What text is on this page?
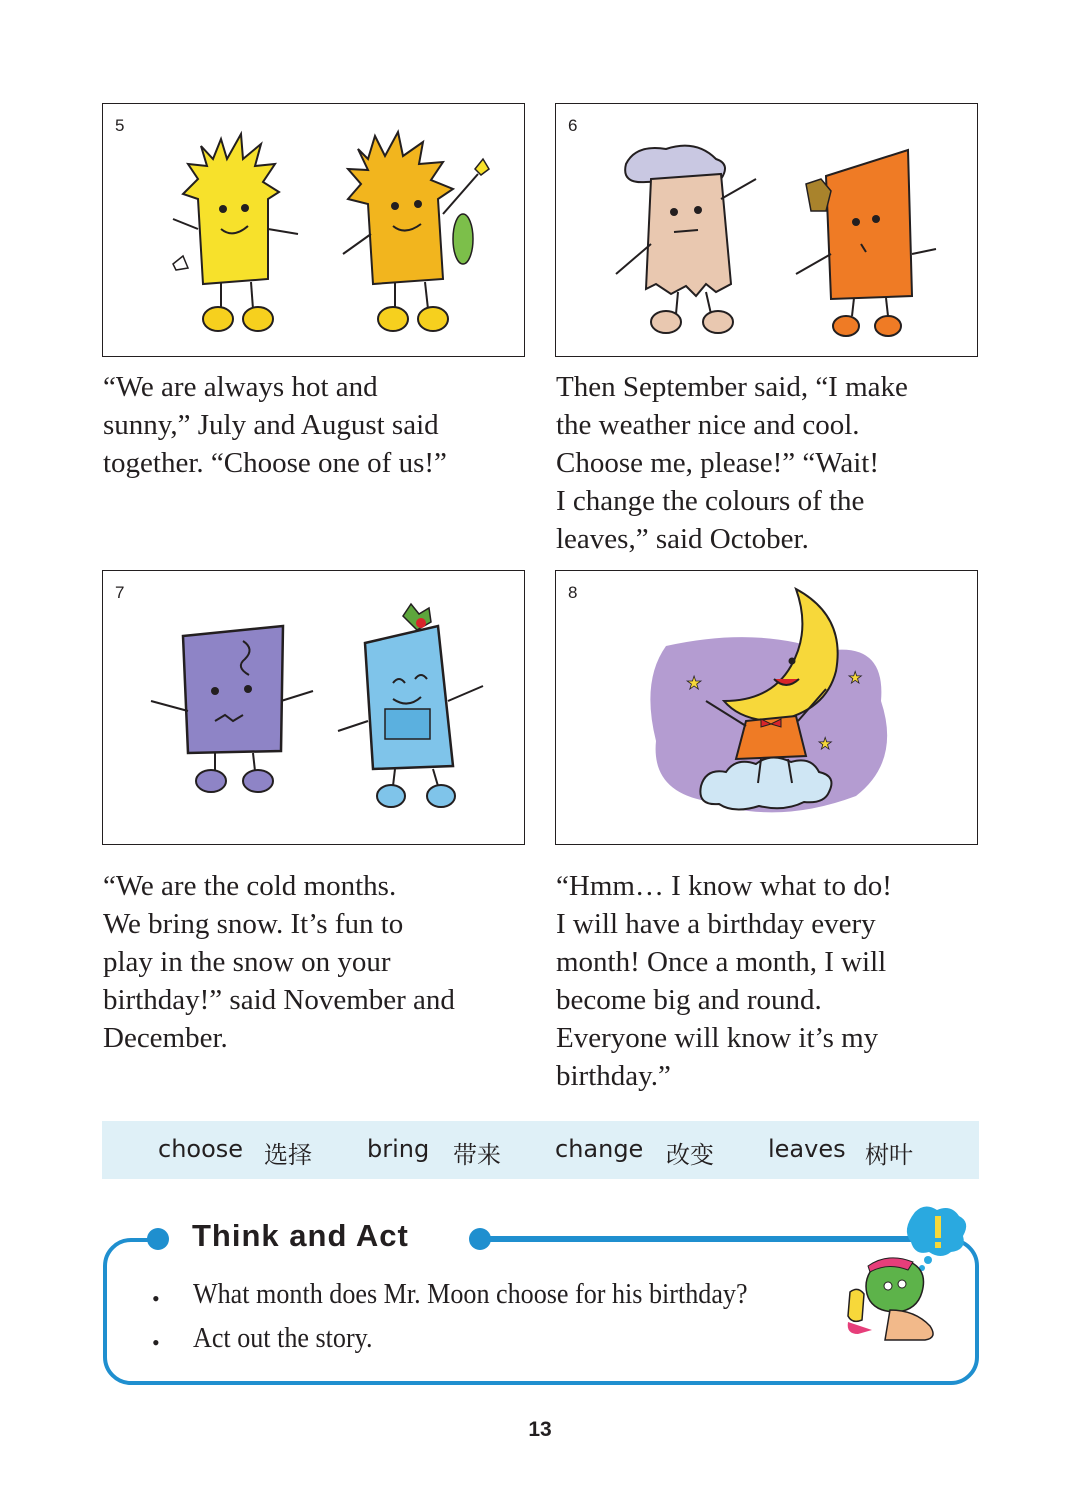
5	6
“We are always hot and
sunny,” July and August said
together. “Choose one of us!”
Then September said, “I make
the weather nice and cool.
Choose me, please!” “Wait!
I change the colours of the
leaves,” said October.
7	8
★	★
★
“We are the cold months.
We bring snow. It’s fun to
play in the snow on your
birthday!” said November and
December.
“Hmm… I know what to do!
I will have a birthday every
month! Once a month, I will
become big and round.
Everyone will know it’s my
birthday.”
choose 选择 bring 带来 change 改变 leaves 树叶
Think and Act
• What month does Mr. Moon choose for his birthday?
• Act out the story.
13
